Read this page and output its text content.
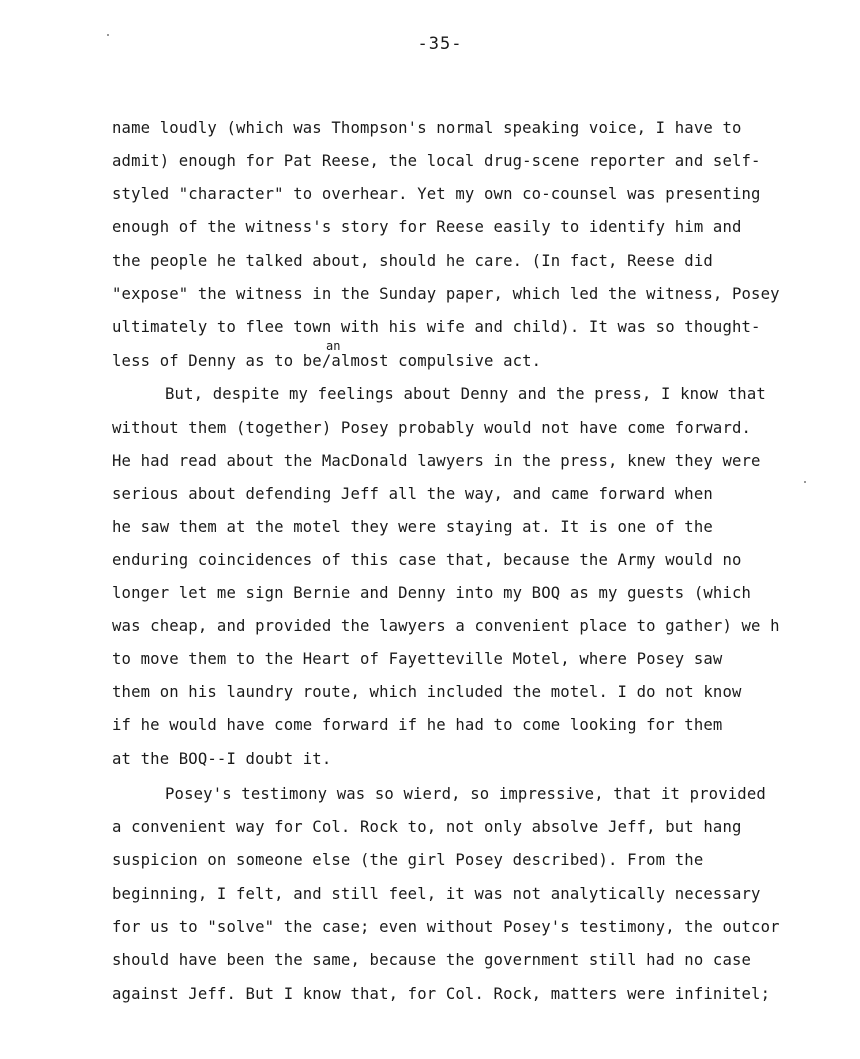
-35-
an
name loudly (which was Thompson's normal speaking voice, I have to
admit) enough for Pat Reese, the local drug-scene reporter and self-
styled "character" to overhear. Yet my own co-counsel was presenting
enough of the witness's story for Reese easily to identify him and
the people he talked about, should he care. (In fact, Reese did
"expose" the witness in the Sunday paper, which led the witness, Posey
ultimately to flee town with his wife and child). It was so thought-
less of Denny as to be/almost compulsive act.
But, despite my feelings about Denny and the press, I know that
without them (together) Posey probably would not have come forward.
He had read about the MacDonald lawyers in the press, knew they were
serious about defending Jeff all the way, and came forward when
he saw them at the motel they were staying at. It is one of the
enduring coincidences of this case that, because the Army would no
longer let me sign Bernie and Denny into my BOQ as my guests (which
was cheap, and provided the lawyers a convenient place to gather) we h
to move them to the Heart of Fayetteville Motel, where Posey saw
them on his laundry route, which included the motel. I do not know
if he would have come forward if he had to come looking for them
at the BOQ--I doubt it.
Posey's testimony was so wierd, so impressive, that it provided
a convenient way for Col. Rock to, not only absolve Jeff, but hang
suspicion on someone else (the girl Posey described). From the
beginning, I felt, and still feel, it was not analytically necessary
for us to "solve" the case; even without Posey's testimony, the outcor
should have been the same, because the government still had no case
against Jeff. But I know that, for Col. Rock, matters were infinitel;
